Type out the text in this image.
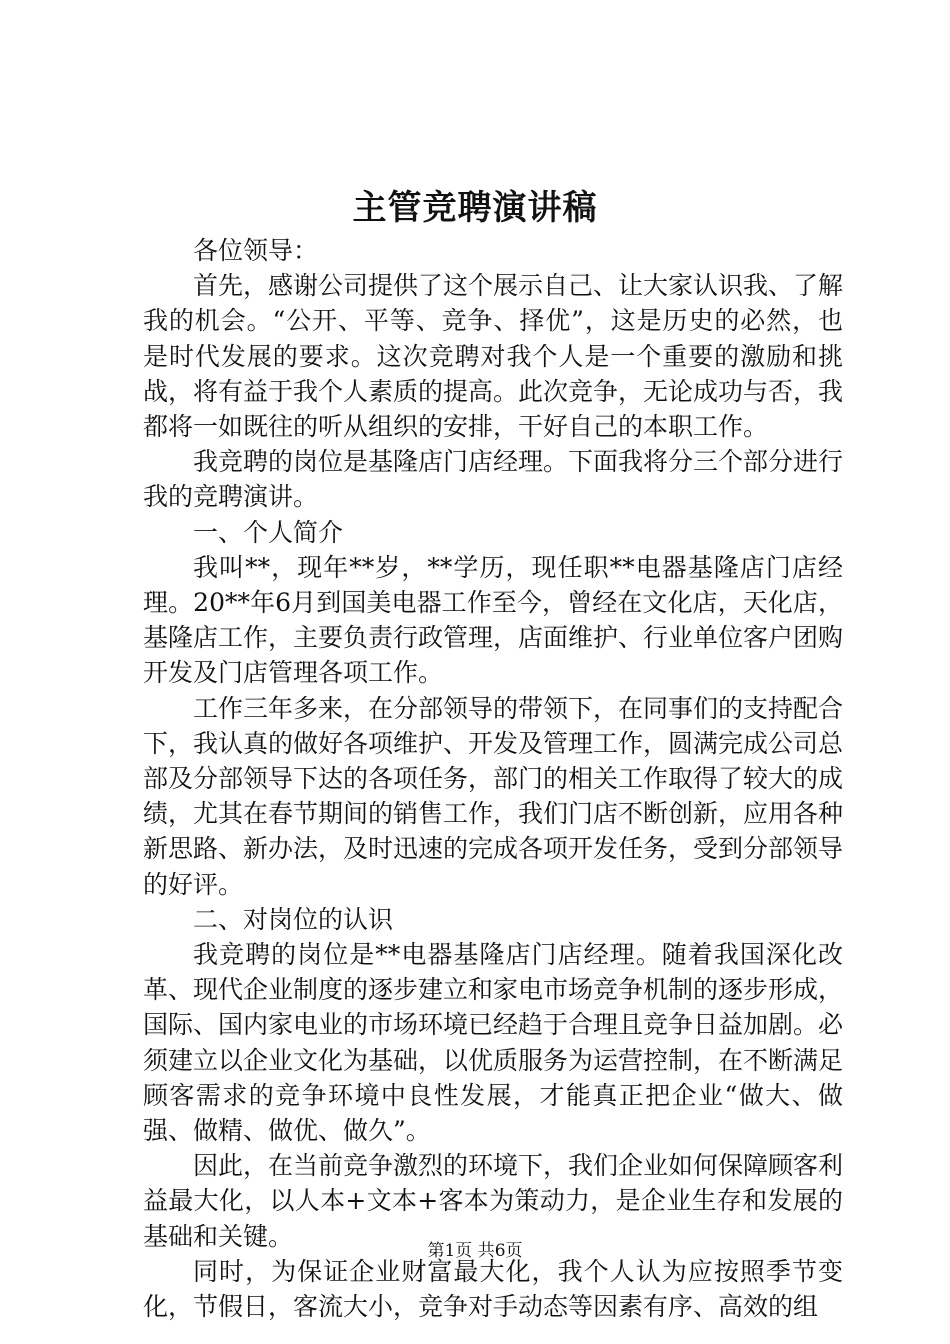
主管竞聘演讲稿

各位领导：

首先，感谢公司提供了这个展示自己、让大家认识我、了解我的机会。“公开、平等、竞争、择优”，这是历史的必然，也是时代发展的要求。这次竞聘对我个人是一个重要的激励和挑战，将有益于我个人素质的提高。此次竞争，无论成功与否，我都将一如既往的听从组织的安排，干好自己的本职工作。

我竞聘的岗位是基隆店门店经理。下面我将分三个部分进行我的竞聘演讲。

一、个人简介

我叫**，现年**岁，**学历，现任职**电器基隆店门店经理。20**年6月到国美电器工作至今，曾经在文化店，天化店，基隆店工作，主要负责行政管理，店面维护、行业单位客户团购开发及门店管理各项工作。

工作三年多来，在分部领导的带领下，在同事们的支持配合下，我认真的做好各项维护、开发及管理工作，圆满完成公司总部及分部领导下达的各项任务，部门的相关工作取得了较大的成绩，尤其在春节期间的销售工作，我们门店不断创新，应用各种新思路、新办法，及时迅速的完成各项开发任务，受到分部领导的好评。

二、对岗位的认识

我竞聘的岗位是**电器基隆店门店经理。随着我国深化改革、现代企业制度的逐步建立和家电市场竞争机制的逐步形成，国际、国内家电业的市场环境已经趋于合理且竞争日益加剧。必须建立以企业文化为基础，以优质服务为运营控制，在不断满足顾客需求的竞争环境中良性发展，才能真正把企业“做大、做强、做精、做优、做久”。

因此，在当前竞争激烈的环境下，我们企业如何保障顾客利益最大化，以人本+文本+客本为策动力，是企业生存和发展的基础和关键。

同时，为保证企业财富最大化，我个人认为应按照季节变化，节假日，客流大小，竞争对手动态等因素有序、高效的组

第1页 共6页
